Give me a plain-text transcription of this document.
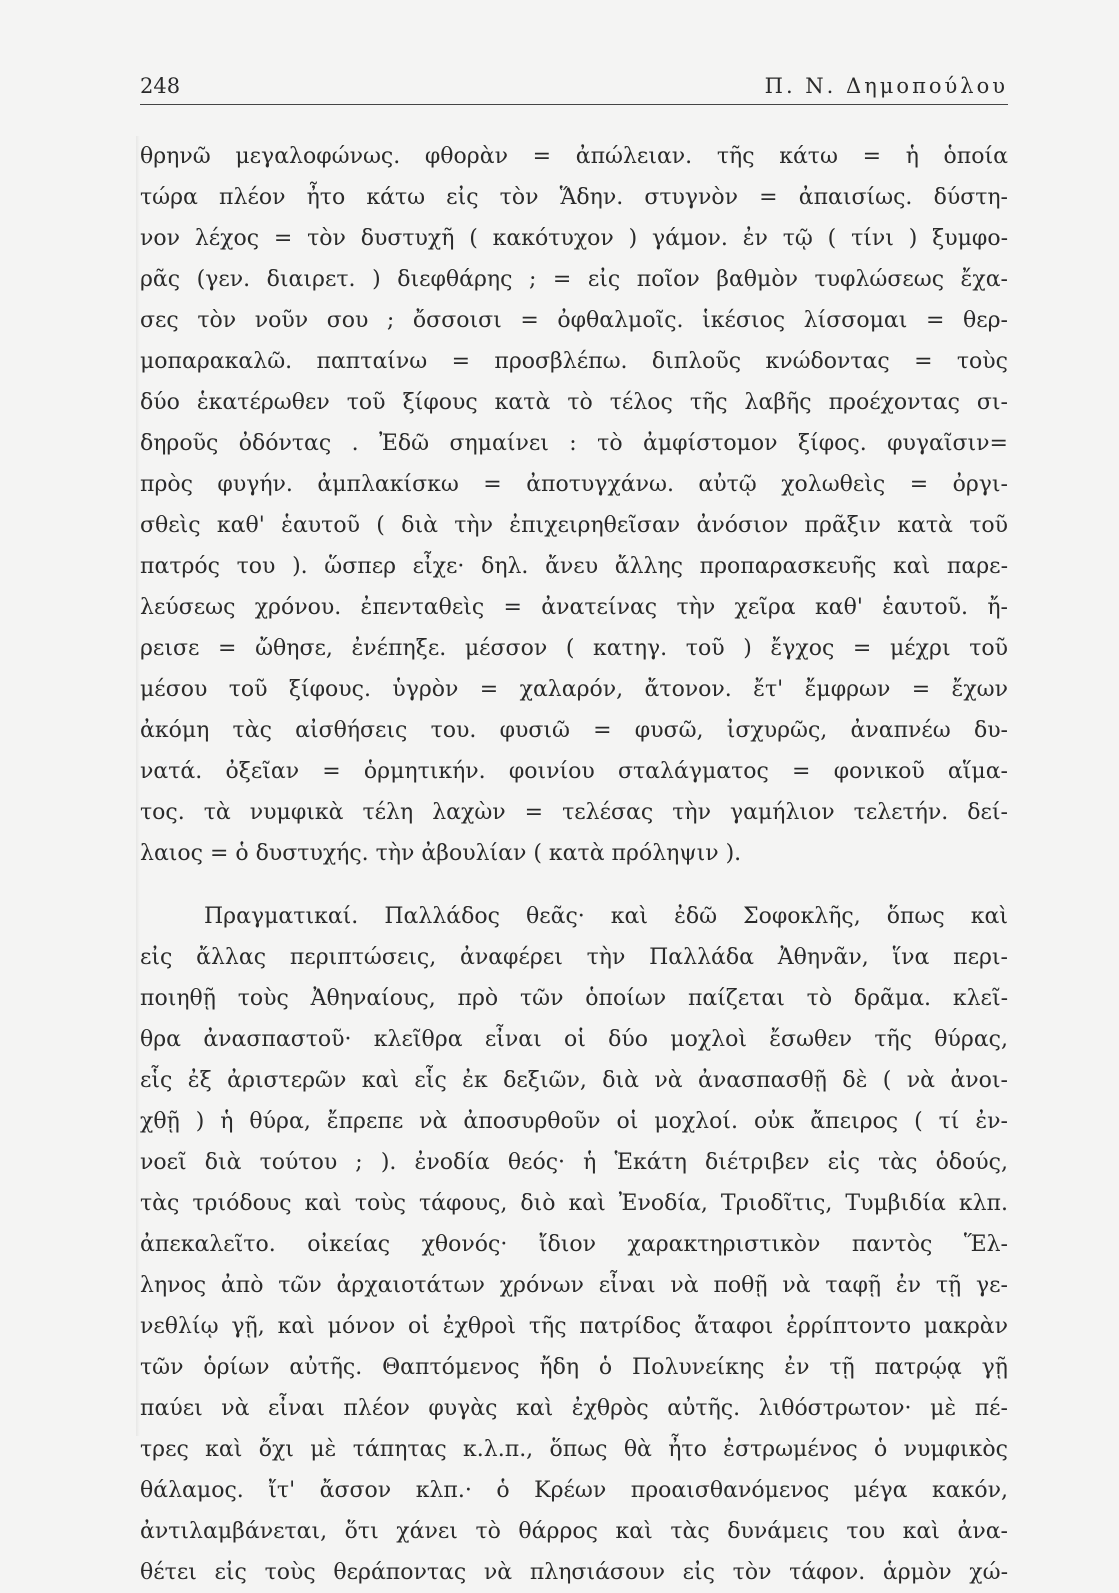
248	Π. Ν. Δημοπούλου
θρηνῶ μεγαλοφώνως. φθορὰν = ἀπώλειαν. τῆς κάτω = ἡ ὁποία
τώρα πλέον ἦτο κάτω εἰς τὸν Ἅδην. στυγνὸν = ἀπαισίως. δύστη-
νον λέχος = τὸν δυστυχῆ ( κακότυχον ) γάμον. ἐν τῷ ( τίνι ) ξυμφο-
ρᾶς (γεν. διαιρετ. ) διεφθάρης ; = εἰς ποῖον βαθμὸν τυφλώσεως ἔχα-
σες τὸν νοῦν σου ; ὄσσοισι = ὀφθαλμοῖς. ἱκέσιος λίσσομαι = θερ-
μοπαρακαλῶ. παπταίνω = προσβλέπω. διπλοῦς κνώδοντας = τοὺς
δύο ἑκατέρωθεν τοῦ ξίφους κατὰ τὸ τέλος τῆς λαβῆς προέχοντας σι-
δηροῦς ὀδόντας . Ἐδῶ σημαίνει : τὸ ἀμφίστομον ξίφος. φυγαῖσιν=
πρὸς φυγήν. ἀμπλακίσκω = ἀποτυγχάνω. αὐτῷ χολωθεὶς = ὀργι-
σθεὶς καθ' ἑαυτοῦ ( διὰ τὴν ἐπιχειρηθεῖσαν ἀνόσιον πρᾶξιν κατὰ τοῦ
πατρός του ). ὥσπερ εἶχε· δηλ. ἄνευ ἄλλης προπαρασκευῆς καὶ παρε-
λεύσεως χρόνου. ἐπενταθεὶς = ἀνατείνας τὴν χεῖρα καθ' ἑαυτοῦ. ἤ-
ρεισε = ὤθησε, ἐνέπηξε. μέσσον ( κατηγ. τοῦ ) ἔγχος = μέχρι τοῦ
μέσου τοῦ ξίφους. ὑγρὸν = χαλαρόν, ἄτονον. ἔτ' ἔμφρων = ἔχων
ἀκόμη τὰς αἰσθήσεις του. φυσιῶ = φυσῶ, ἰσχυρῶς, ἀναπνέω δυ-
νατά. ὀξεῖαν = ὁρμητικήν. φοινίου σταλάγματος = φονικοῦ αἵμα-
τος. τὰ νυμφικὰ τέλη λαχὼν = τελέσας τὴν γαμήλιον τελετήν. δεί-
λαιος = ὁ δυστυχής. τὴν ἀβουλίαν ( κατὰ πρόληψιν ).
Πραγματικαί. Παλλάδος θεᾶς· καὶ ἐδῶ Σοφοκλῆς, ὅπως καὶ
εἰς ἄλλας περιπτώσεις, ἀναφέρει τὴν Παλλάδα Ἀθηνᾶν, ἵνα περι-
ποιηθῇ τοὺς Ἀθηναίους, πρὸ τῶν ὁποίων παίζεται τὸ δρᾶμα. κλεῖ-
θρα ἀνασπαστοῦ· κλεῖθρα εἶναι οἱ δύο μοχλοὶ ἔσωθεν τῆς θύρας,
εἷς ἐξ ἀριστερῶν καὶ εἷς ἐκ δεξιῶν, διὰ νὰ ἀνασπασθῇ δὲ ( νὰ ἀνοι-
χθῇ ) ἡ θύρα, ἔπρεπε νὰ ἀποσυρθοῦν οἱ μοχλοί. οὐκ ἄπειρος ( τί ἐν-
νοεῖ διὰ τούτου ; ). ἐνοδία θεός· ἡ Ἑκάτη διέτριβεν εἰς τὰς ὁδούς,
τὰς τριόδους καὶ τοὺς τάφους, διὸ καὶ Ἐνοδία, Τριοδῖτις, Τυμβιδία κλπ.
ἀπεκαλεῖτο. οἰκείας χθονός· ἴδιον χαρακτηριστικὸν παντὸς Ἕλ-
ληνος ἀπὸ τῶν ἀρχαιοτάτων χρόνων εἶναι νὰ ποθῇ νὰ ταφῇ ἐν τῇ γε-
νεθλίῳ γῇ, καὶ μόνον οἱ ἐχθροὶ τῆς πατρίδος ἄταφοι ἐρρίπτοντο μακρὰν
τῶν ὁρίων αὐτῆς. Θαπτόμενος ἤδη ὁ Πολυνείκης ἐν τῇ πατρῴᾳ γῇ
παύει νὰ εἶναι πλέον φυγὰς καὶ ἐχθρὸς αὐτῆς. λιθόστρωτον· μὲ πέ-
τρες καὶ ὄχι μὲ τάπητας κ.λ.π., ὅπως θὰ ἦτο ἐστρωμένος ὁ νυμφικὸς
θάλαμος. ἴτ' ἄσσον κλπ.· ὁ Κρέων προαισθανόμενος μέγα κακόν,
ἀντιλαμβάνεται, ὅτι χάνει τὸ θάρρος καὶ τὰς δυνάμεις του καὶ ἀνα-
θέτει εἰς τοὺς θεράποντας νὰ πλησιάσουν εἰς τὸν τάφον. ἁρμὸν χώ-
